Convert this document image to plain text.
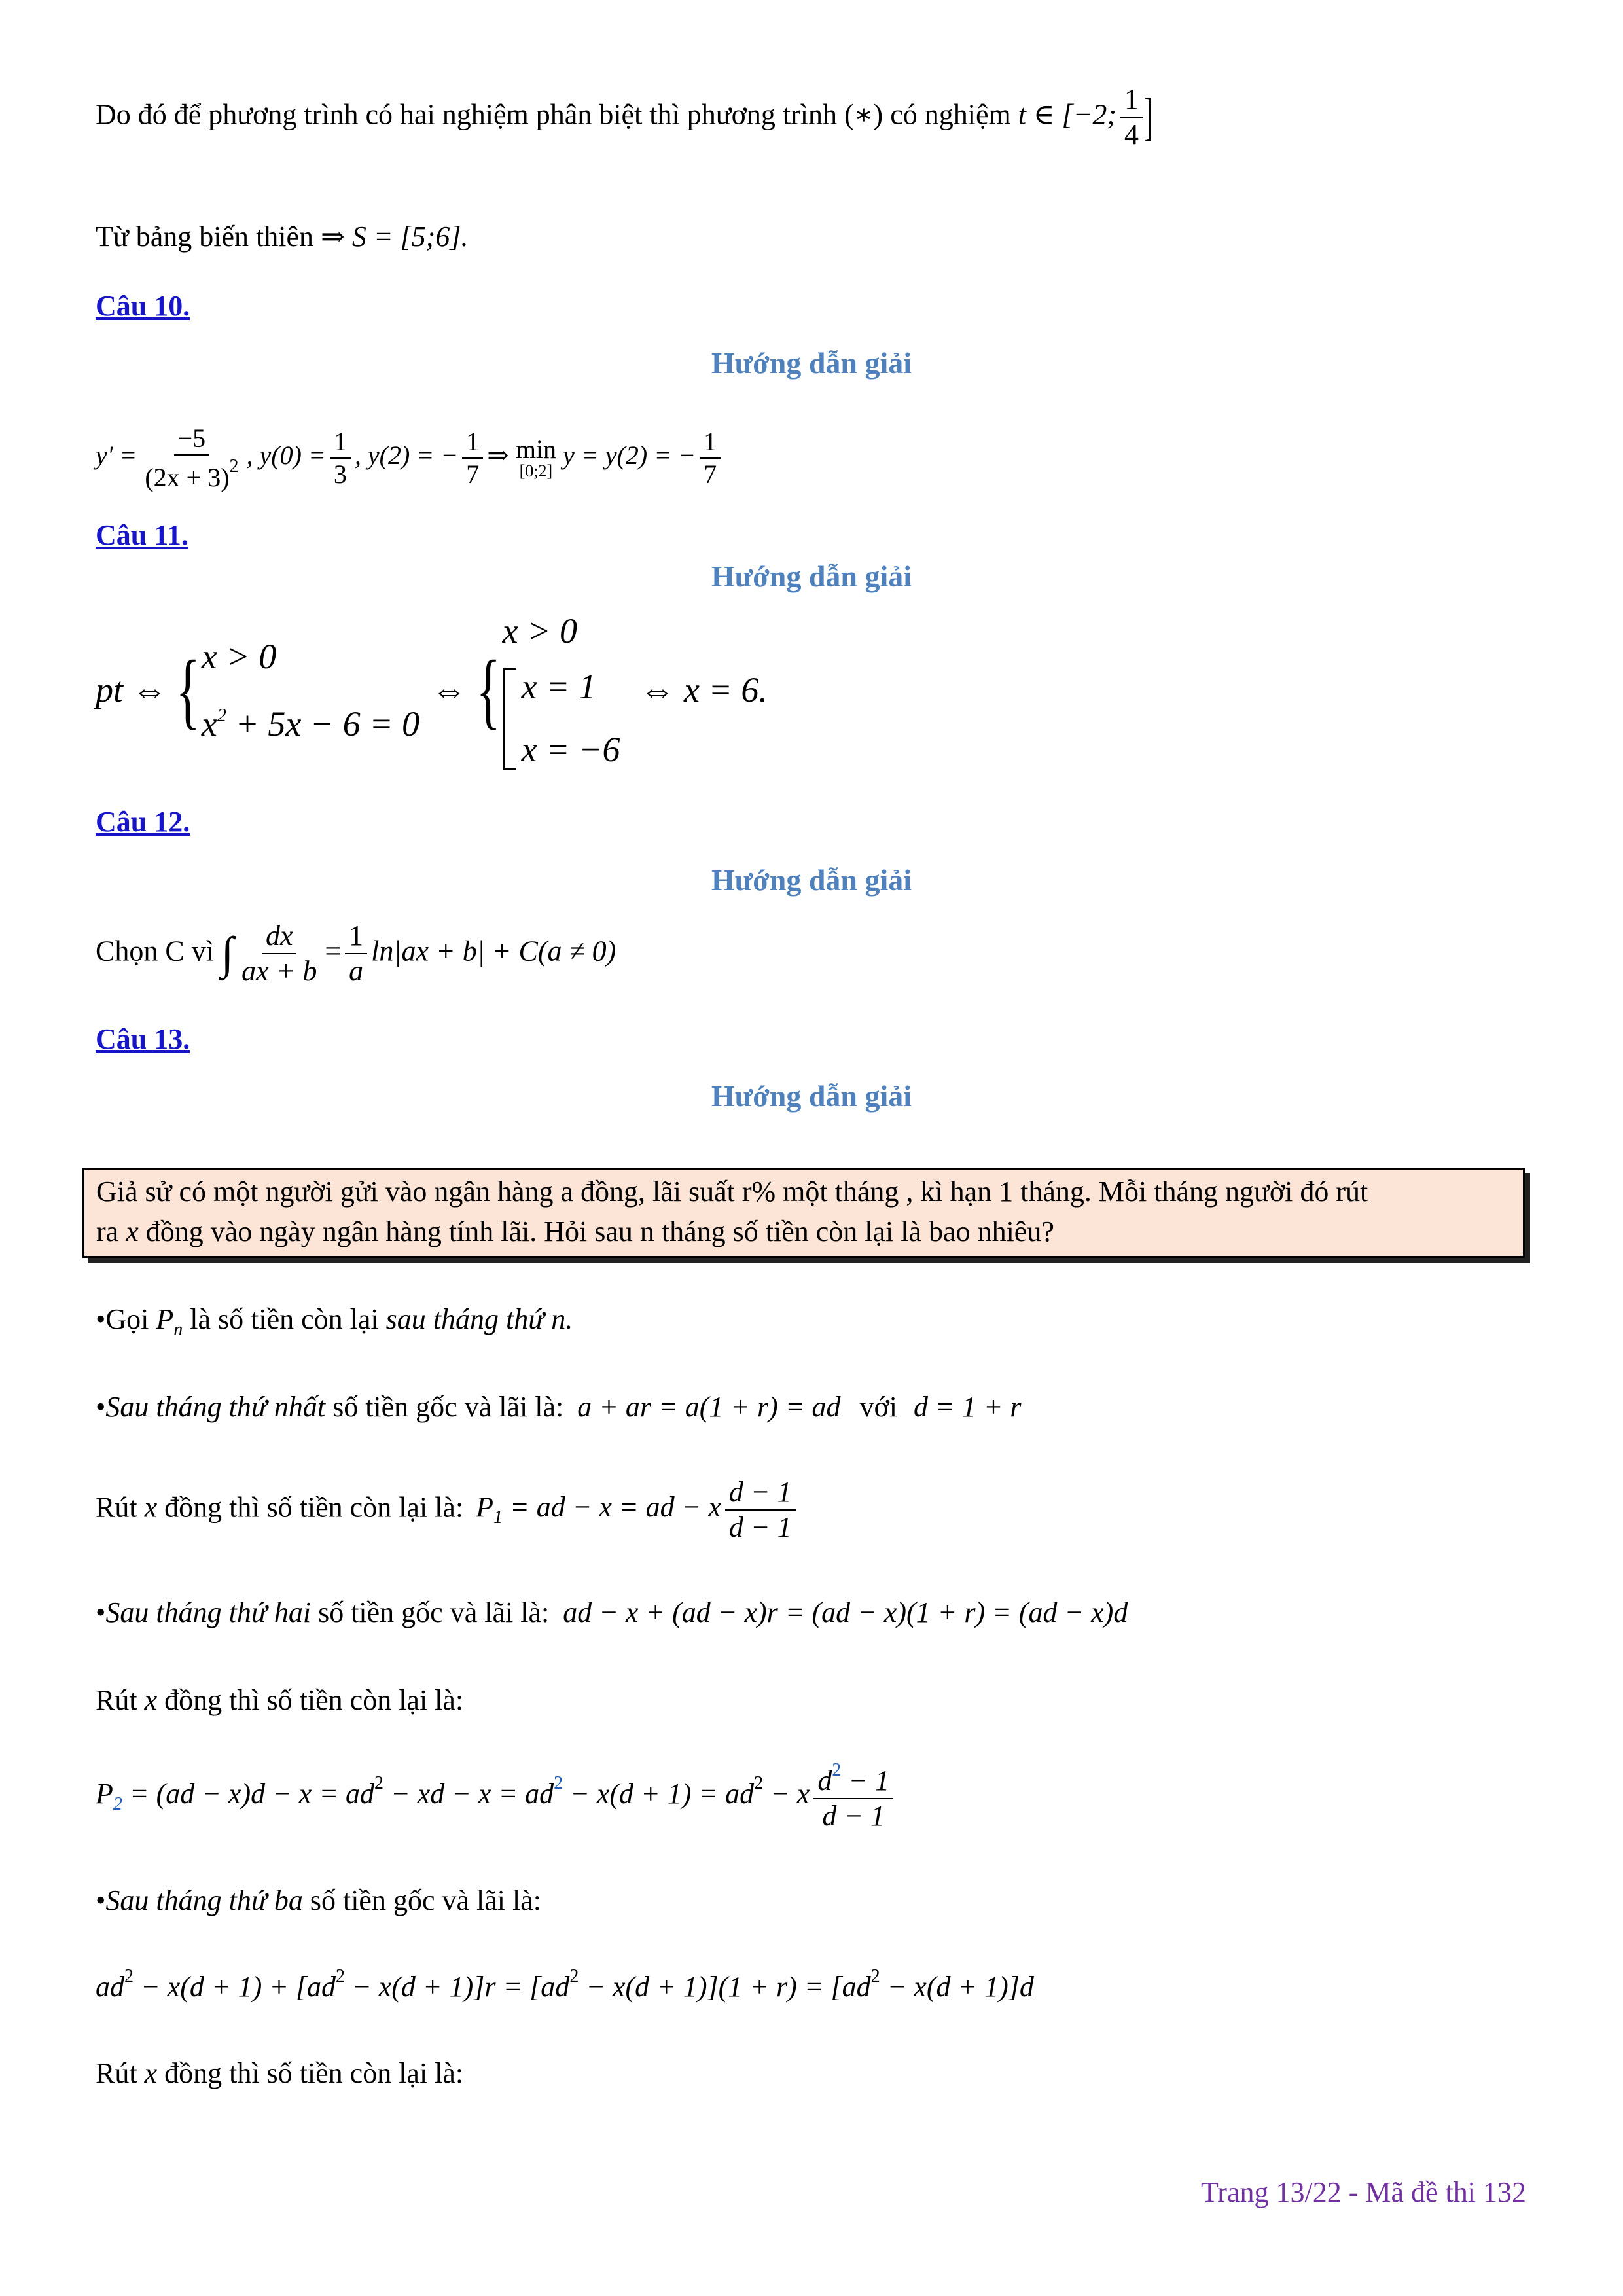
Do đó để phương trình có hai nghiệm phân biệt thì phương trình (∗) có nghiệm t ∈ [−2; $\frac{1}{4}$ ]
Từ bảng biến thiên ⇒ S = [5;6].
Câu 10.
Hướng dẫn giải
$y' = \frac{-5}{(2x + 3)^2}$ , $y(0) = \frac{1}{3}$ , y(2) = − $\frac{1}{7}$ ⇒ min
[0;2]
y = y(2) = − $\frac{1}{7}$
Câu 11.
Hướng dẫn giải
pt ⇔ { x > 0
$x^2 + 5x - 6 = 0$
⇔ {
x > 0
x = 1
x = −6
⇔ x = 6.
Câu 12.
Hướng dẫn giải
Chọn C vì ∫ $\frac{dx}{ax + b} = \frac{1}{a} \ln|ax + b| + C(a \ne 0)$
Câu 13.
Hướng dẫn giải
Giả sử có một người gửi vào ngân hàng a đồng, lãi suất r% một tháng , kì hạn 1 tháng. Mỗi tháng người đó rút
ra x đồng vào ngày ngân hàng tính lãi. Hỏi sau n tháng số tiền còn lại là bao nhiêu?
•Gọi $P_n$ là số tiền còn lại sau tháng thứ n.
•Sau tháng thứ nhất số tiền gốc và lãi là: a + ar = a(1 + r) = ad với d = 1 + r
Rút x đồng thì số tiền còn lại là: $P_1$ = ad − x = ad − x $\frac{d - 1}{d - 1}$
•Sau tháng thứ hai số tiền gốc và lãi là: ad − x + (ad − x)r = (ad − x)(1 + r) = (ad − x)d
Rút x đồng thì số tiền còn lại là:
$P_2 = (ad - x)d - x = ad^2$ − xd − $x = ad^2 - x(d + 1) = ad^2 - x \frac{d^2 - 1}{d - 1}$
•Sau tháng thứ ba số tiền gốc và lãi là:
$ad^2 - x(d + 1) + [ad^2 - x(d + 1)]r = [ad^2 - x(d + 1)](1 + r) = [ad^2 - x(d + 1)]d$
Rút x đồng thì số tiền còn lại là:
Trang 13/22 - Mã đề thi 132
